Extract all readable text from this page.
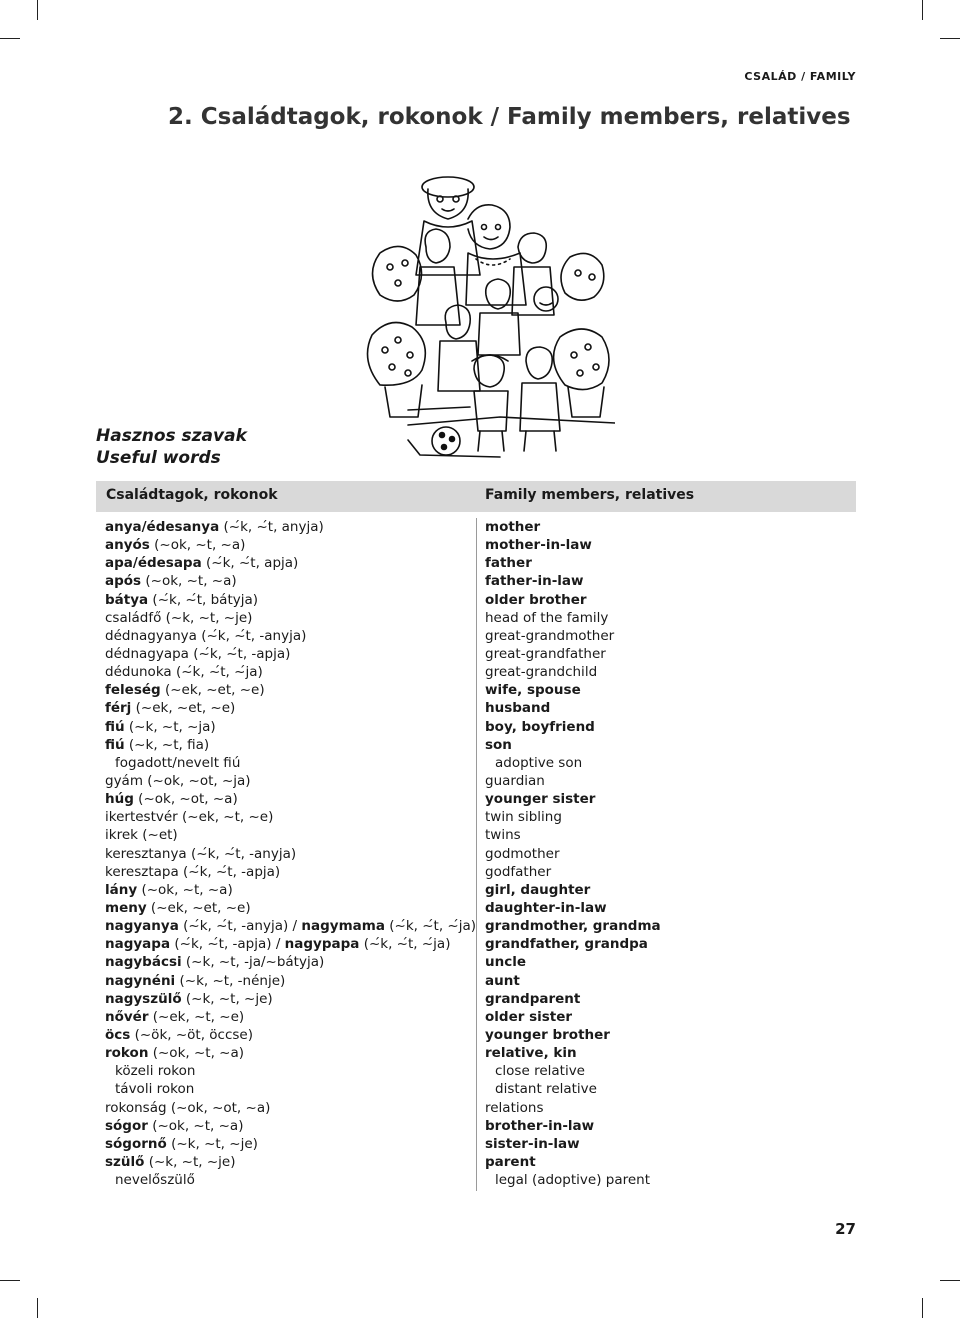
CSALÁD / FAMILY
2. Családtagok, rokonok / Family members, relatives
Hasznos szavak
Useful words
Családtagok, rokonok	Family members, relatives
anya/édesanya (~́k, ~́t, anyja)
anyós (~ok, ~t, ~a)
apa/édesapa (~́k, ~́t, apja)
após (~ok, ~t, ~a)
bátya (~́k, ~́t, bátyja)
családfő (~k, ~t, ~je)
dédnagyanya (~́k, ~́t, -anyja)
dédnagyapa (~́k, ~́t, -apja)
dédunoka (~́k, ~́t, ~́ja)
feleség (~ek, ~et, ~e)
férj (~ek, ~et, ~e)
fiú (~k, ~t, ~ja)
fiú (~k, ~t, fia)
fogadott/nevelt fiú
gyám (~ok, ~ot, ~ja)
húg (~ok, ~ot, ~a)
ikertestvér (~ek, ~t, ~e)
ikrek (~et)
keresztanya (~́k, ~́t, -anyja)
keresztapa (~́k, ~́t, -apja)
lány (~ok, ~t, ~a)
meny (~ek, ~et, ~e)
nagyanya (~́k, ~́t, -anyja) / nagymama (~́k, ~́t, ~́ja)
nagyapa (~́k, ~́t, -apja) / nagypapa (~́k, ~́t, ~́ja)
nagybácsi (~k, ~t, -ja/~bátyja)
nagynéni (~k, ~t, -nénje)
nagyszülő (~k, ~t, ~je)
nővér (~ek, ~t, ~e)
öcs (~ök, ~öt, öccse)
rokon (~ok, ~t, ~a)
közeli rokon
távoli rokon
rokonság (~ok, ~ot, ~a)
sógor (~ok, ~t, ~a)
sógornő (~k, ~t, ~je)
szülő (~k, ~t, ~je)
nevelőszülő
mother
mother-in-law
father
father-in-law
older brother
head of the family
great-grandmother
great-grandfather
great-grandchild
wife, spouse
husband
boy, boyfriend
son
adoptive son
guardian
younger sister
twin sibling
twins
godmother
godfather
girl, daughter
daughter-in-law
grandmother, grandma
grandfather, grandpa
uncle
aunt
grandparent
older sister
younger brother
relative, kin
close relative
distant relative
relations
brother-in-law
sister-in-law
parent
legal (adoptive) parent
27
